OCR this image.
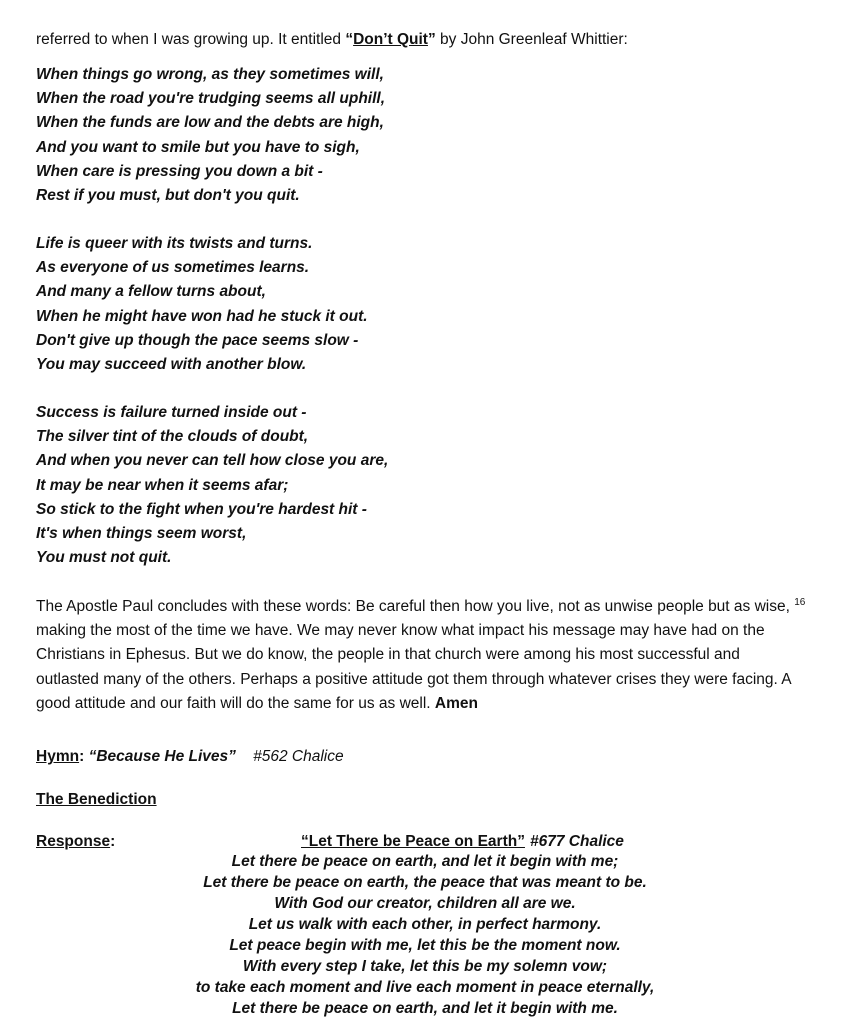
referred to when I was growing up. It entitled “Don’t Quit” by John Greenleaf Whittier:
When things go wrong, as they sometimes will,
When the road you're trudging seems all uphill,
When the funds are low and the debts are high,
And you want to smile but you have to sigh,
When care is pressing you down a bit -
Rest if you must, but don't you quit.
Life is queer with its twists and turns.
As everyone of us sometimes learns.
And many a fellow turns about,
When he might have won had he stuck it out.
Don't give up though the pace seems slow -
You may succeed with another blow.
Success is failure turned inside out -
The silver tint of the clouds of doubt,
And when you never can tell how close you are,
It may be near when it seems afar;
So stick to the fight when you're hardest hit -
It's when things seem worst,
You must not quit.
The Apostle Paul concludes with these words: Be careful then how you live, not as unwise people but as wise, $^{16}$
making the most of the time we have. We may never know what impact his message may have had on the
Christians in Ephesus. But we do know, the people in that church were among his most successful and
outlasted many of the others. Perhaps a positive attitude got them through whatever crises they were facing. A
good attitude and our faith will do the same for us as well. Amen
Hymn: “Because He Lives” #562 Chalice
The Benediction
Response:	“Let There be Peace on Earth” #677 Chalice
Let there be peace on earth, and let it begin with me;
Let there be peace on earth, the peace that was meant to be.
With God our creator, children all are we.
Let us walk with each other, in perfect harmony.
Let peace begin with me, let this be the moment now.
With every step I take, let this be my solemn vow;
to take each moment and live each moment in peace eternally,
Let there be peace on earth, and let it begin with me.
